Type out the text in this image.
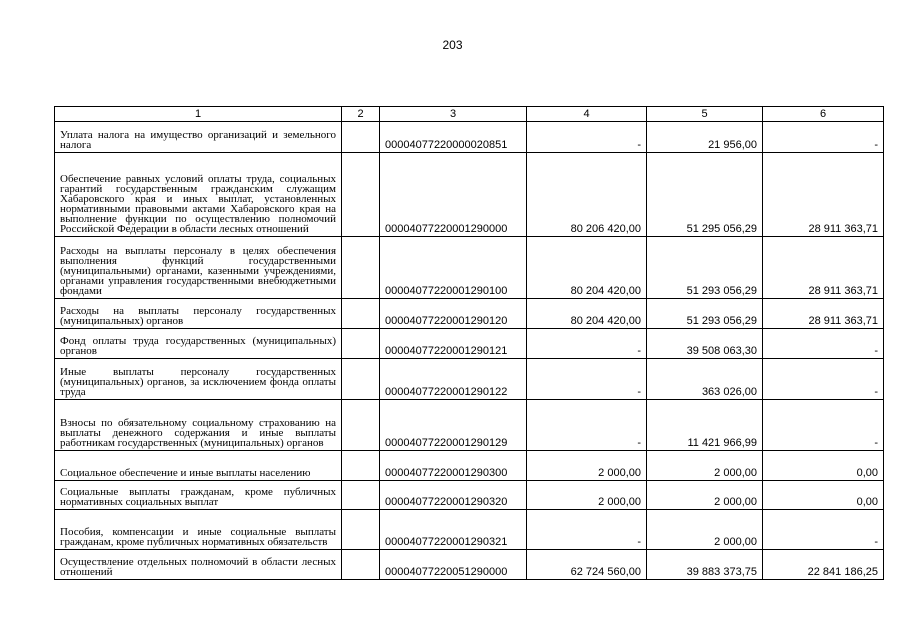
203
1	2	3	4	5	6
Уплата налога на имущество организаций и земельного налога		00004077220000020851	-	21 956,00	-
Обеспечение равных условий оплаты труда, социальных гарантий государственным гражданским служащим Хабаровского края и иных выплат, установленных нормативными правовыми актами Хабаровского края на выполнение функции по осуществлению полномочий Российской Федерации в области лесных отношений		00004077220001290000	80 206 420,00	51 295 056,29	28 911 363,71
Расходы на выплаты персоналу в целях обеспечения выполнения функций государственными (муниципальными) органами, казенными учреждениями, органами управления государственными внебюджетными фондами		00004077220001290100	80 204 420,00	51 293 056,29	28 911 363,71
Расходы на выплаты персоналу государственных (муниципальных) органов		00004077220001290120	80 204 420,00	51 293 056,29	28 911 363,71
Фонд оплаты труда государственных (муниципальных) органов		00004077220001290121	-	39 508 063,30	-
Иные выплаты персоналу государственных (муниципальных) органов, за исключением фонда оплаты труда		00004077220001290122	-	363 026,00	-
Взносы по обязательному социальному страхованию на выплаты денежного содержания и иные выплаты работникам государственных (муниципальных) органов		00004077220001290129	-	11 421 966,99	-
Социальное обеспечение и иные выплаты населению		00004077220001290300	2 000,00	2 000,00	0,00
Социальные выплаты гражданам, кроме публичных нормативных социальных выплат		00004077220001290320	2 000,00	2 000,00	0,00
Пособия, компенсации и иные социальные выплаты гражданам, кроме публичных нормативных обязательств		00004077220001290321	-	2 000,00	-
Осуществление отдельных полномочий в области лесных отношений		00004077220051290000	62 724 560,00	39 883 373,75	22 841 186,25
